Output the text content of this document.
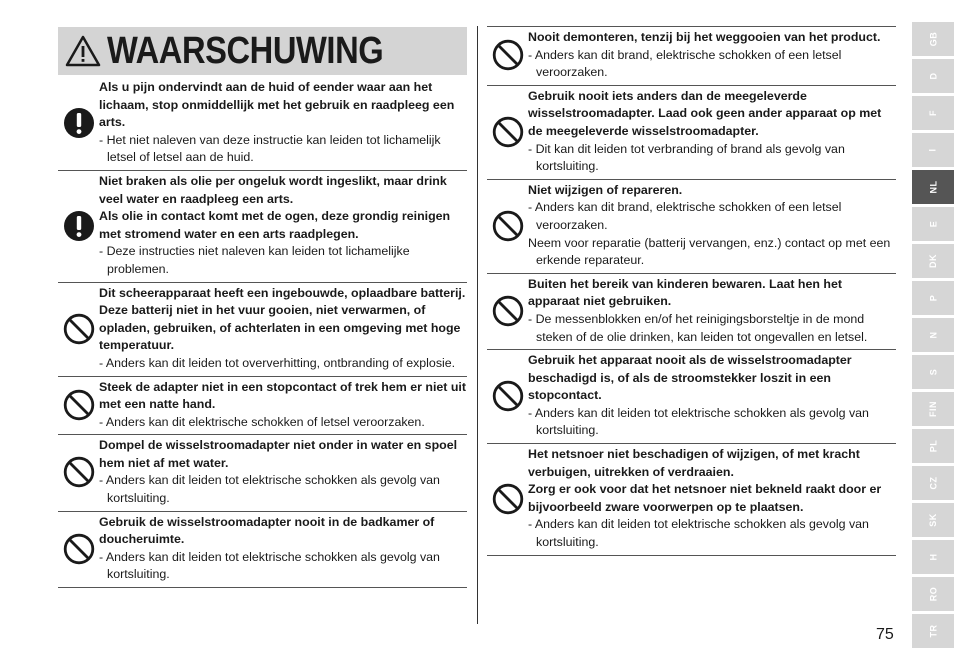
WAARSCHUWING
Als u pijn ondervindt aan de huid of eender waar aan het lichaam, stop onmiddellijk met het gebruik en raadpleeg een arts.
- Het niet naleven van deze instructie kan leiden tot lichamelijk letsel of letsel aan de huid.
Niet braken als olie per ongeluk wordt ingeslikt, maar drink veel water en raadpleeg een arts.
Als olie in contact komt met de ogen, deze grondig reinigen met stromend water en een arts raadplegen.
- Deze instructies niet naleven kan leiden tot lichamelijke problemen.
Dit scheerapparaat heeft een ingebouwde, oplaadbare batterij. Deze batterij niet in het vuur gooien, niet verwarmen, of opladen, gebruiken, of achterlaten in een omgeving met hoge temperatuur.
- Anders kan dit leiden tot oververhitting, ontbranding of explosie.
Steek de adapter niet in een stopcontact of trek hem er niet uit met een natte hand.
- Anders kan dit elektrische schokken of letsel veroorzaken.
Dompel de wisselstroomadapter niet onder in water en spoel hem niet af met water.
- Anders kan dit leiden tot elektrische schokken als gevolg van kortsluiting.
Gebruik de wisselstroomadapter nooit in de badkamer of doucheruimte.
- Anders kan dit leiden tot elektrische schokken als gevolg van kortsluiting.
Nooit demonteren, tenzij bij het weggooien van het product.
- Anders kan dit brand, elektrische schokken of een letsel veroorzaken.
Gebruik nooit iets anders dan de meegeleverde wisselstroomadapter. Laad ook geen ander apparaat op met de meegeleverde wisselstroomadapter.
- Dit kan dit leiden tot verbranding of brand als gevolg van kortsluiting.
Niet wijzigen of repareren.
- Anders kan dit brand, elektrische schokken of een letsel veroorzaken.
Neem voor reparatie (batterij vervangen, enz.) contact op met een erkende reparateur.
Buiten het bereik van kinderen bewaren. Laat hen het apparaat niet gebruiken.
- De messenblokken en/of het reinigingsborsteltje in de mond steken of de olie drinken, kan leiden tot ongevallen en letsel.
Gebruik het apparaat nooit als de wisselstroomadapter beschadigd is, of als de stroomstekker loszit in een stopcontact.
- Anders kan dit leiden tot elektrische schokken als gevolg van kortsluiting.
Het netsnoer niet beschadigen of wijzigen, of met kracht verbuigen, uitrekken of verdraaien.
Zorg er ook voor dat het netsnoer niet bekneld raakt door er bijvoorbeeld zware voorwerpen op te plaatsen.
- Anders kan dit leiden tot elektrische schokken als gevolg van kortsluiting.
GB
D
F
I
NL
E
DK
P
N
S
FIN
PL
CZ
SK
H
RO
TR
75
